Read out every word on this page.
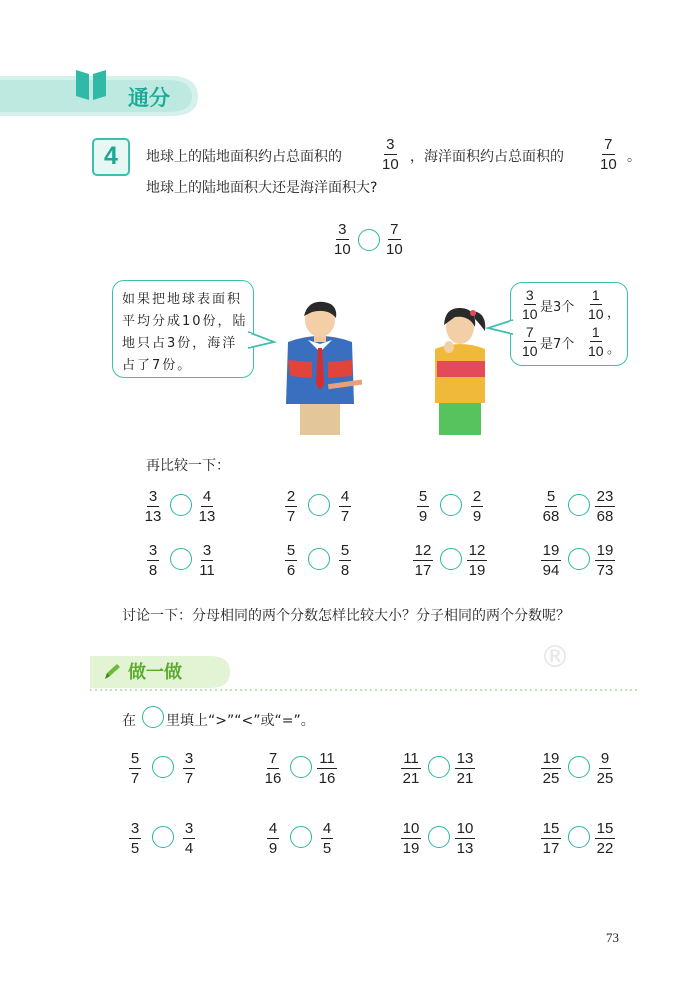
通分
4	地球上的陆地面积约占总面积的	$\frac{3}{10}$ ，海洋面积约占总面积的 $\frac{7}{10}$ 。
地球上的陆地面积大还是海洋面积大?
$\frac{3}{10} \frac{7}{10}$
如果把地球表面积
平均分成10份，陆
地只占3份，海洋
占了7份。
$\frac{3}{10}$ 是3个 $\frac{1}{10}$ ，
$\frac{7}{10}$ 是7个 $\frac{1}{10}$ 。
再比较一下：
$\frac{3}{13} \frac{4}{13}$	$\frac{2}{7} \frac{4}{7}$	$\frac{5}{9} \frac{2}{9}$	$\frac{5}{68} \frac{23}{68}$
$\frac{3}{8} \frac{3}{11}$	$\frac{5}{6} \frac{5}{8}$	$\frac{12}{17} \frac{12}{19}$	$\frac{19}{94} \frac{19}{73}$
讨论一下：分母相同的两个分数怎样比较大小？分子相同的两个分数呢？
做一做	®
在 里填上“>”“<”或“=”。
$\frac{5}{7} \frac{3}{7}$	$\frac{7}{16} \frac{11}{16}$	$\frac{11}{21} \frac{13}{21}$	$\frac{19}{25} \frac{9}{25}$
$\frac{3}{5} \frac{3}{4}$	$\frac{4}{9} \frac{4}{5}$	$\frac{10}{19} \frac{10}{13}$	$\frac{15}{17} \frac{15}{22}$
73
